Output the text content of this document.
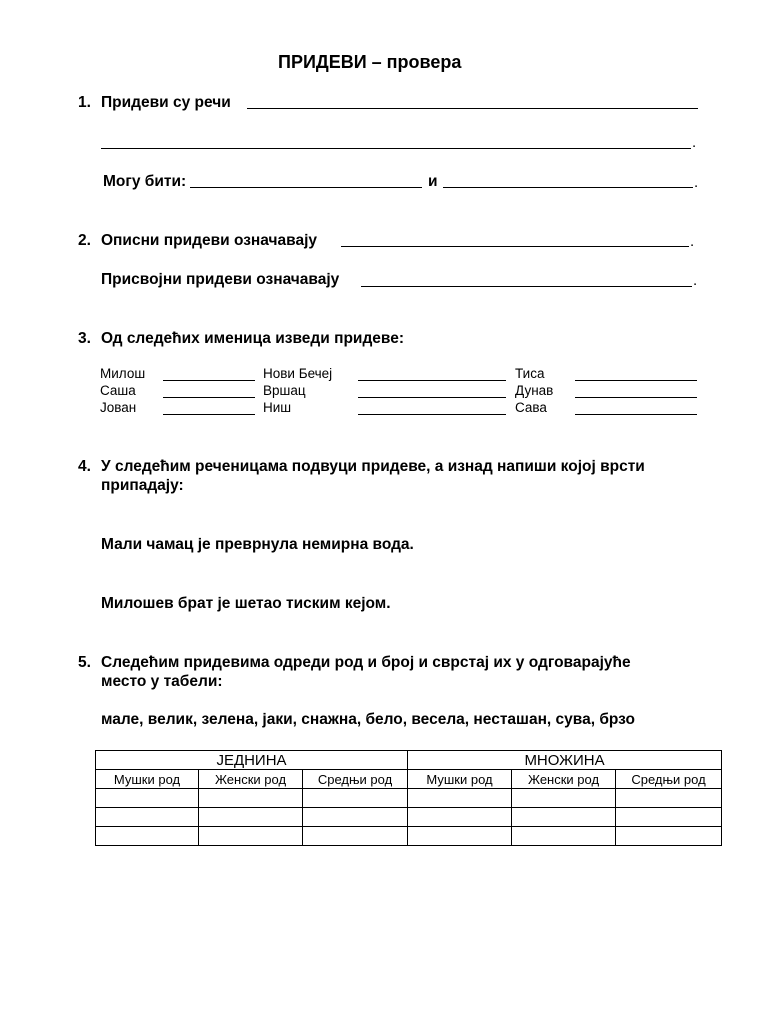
ПРИДЕВИ – провера
1. Придеви су речи
.
Могу бити:	и	.
2. Описни придеви означавају	.
Присвојни придеви означавају	.
3. Од следећих именица изведи придеве:
Милош	Нови Бечеј	Тиса
Саша	Вршац	Дунав
Јован	Ниш	Сава
4. У следећим реченицама подвуци придеве, а изнад напиши којој врсти
припадају:
Мали чамац је преврнула немирна вода.
Милошев брат је шетао тиским кејом.
5. Следећим придевима одреди род и број и сврстај их у одговарајуће
место у табели:
мале, велик, зелена, јаки, снажна, бело, весела, несташан, сува, брзо
ЈЕДНИНА			МНОЖИНА		
Мушки род	Женски род	Средњи род	Мушки род	Женски род	Средњи род
